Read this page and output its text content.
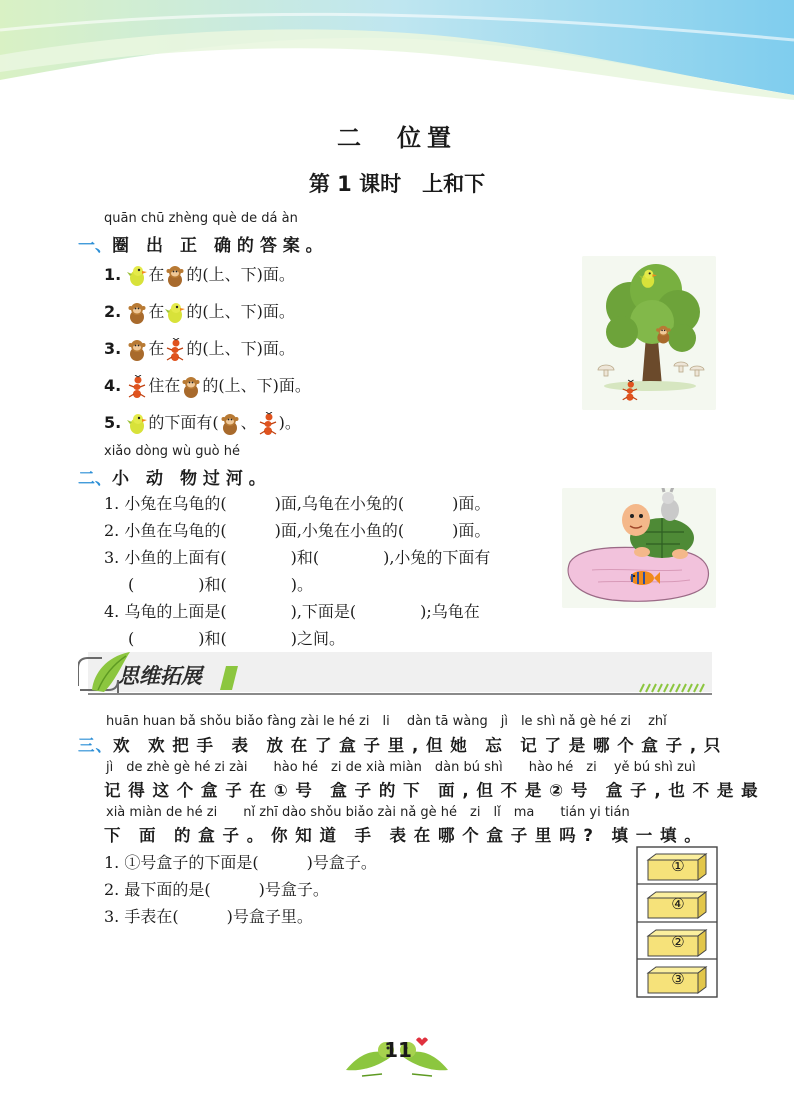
二　位置
第 1 课时　上和下
quān chū zhèng què de dá àn
一、圈　出　正　确 的 答 案 。
1. 在 的(上、下)面。
2. 在 的(上、下)面。
3. 在 的(上、下)面。
4. 住在 的(上、下)面。
5. 的下面有( 、 )。
xiǎo dòng wù guò hé
二、小　动　物 过 河 。
1. 小兔在乌龟的(　　　)面,乌龟在小兔的(　　　)面。
2. 小鱼在乌龟的(　　　)面,小兔在小鱼的(　　　)面。
3. 小鱼的上面有(　　　　)和(　　　　),小兔的下面有
(　　　　)和(　　　　)。
4. 乌龟的上面是(　　　　),下面是(　　　　);乌龟在
(　　　　)和(　　　　)之间。
思维拓展
huān huan bǎ shǒu biǎo fàng zài le hé zi　li　 dàn tā wàng　jì　le shì nǎ gè hé zi　 zhǐ
三、欢　欢 把 手　表　放 在 了 盒 子 里 , 但 她　忘　记 了 是 哪 个 盒 子 , 只
jì　de zhè gè hé zi zài　　hào hé　zi de xià miàn　dàn bú shì　　hào hé　zi　 yě bú shì zuì
记 得 这 个 盒 子 在 ① 号　盒 子 的 下　面 , 但 不 是 ② 号　盒 子 , 也 不 是 最
xià miàn de hé zi　　nǐ zhī dào shǒu biǎo zài nǎ gè hé　zi　lǐ　ma　　tián yi tián
下　面　的 盒 子 。 你 知 道　手　表 在 哪 个 盒 子 里 吗 ?　填 一 填 。
1. ①号盒子的下面是(　　　)号盒子。
2. 最下面的是(　　　)号盒子。
3. 手表在(　　　)号盒子里。
①
④
②
③
11
